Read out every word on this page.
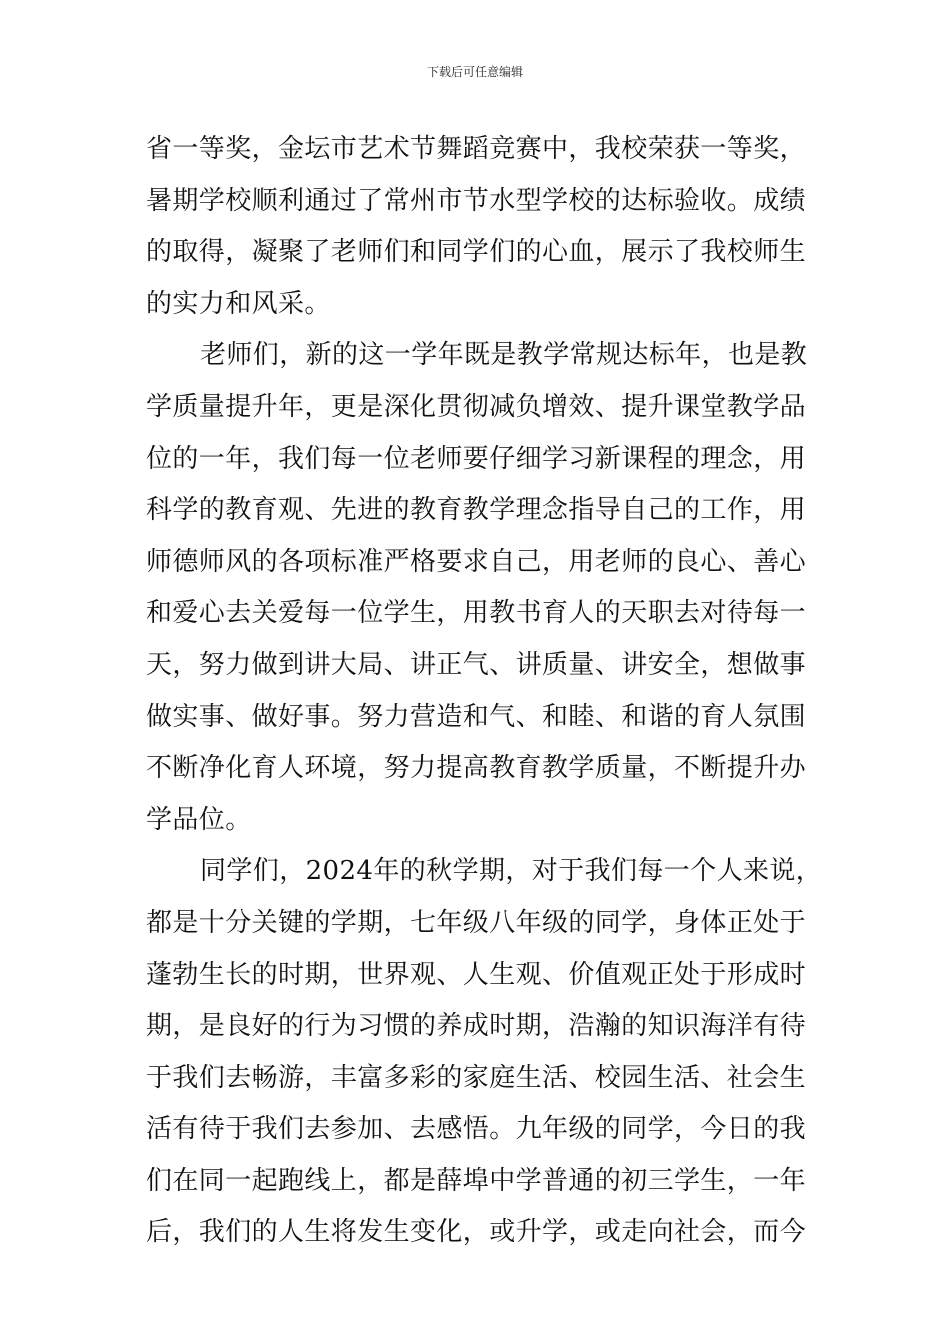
下载后可任意编辑
省一等奖，金坛市艺术节舞蹈竞赛中，我校荣获一等奖，
暑期学校顺利通过了常州市节水型学校的达标验收。成绩
的取得，凝聚了老师们和同学们的心血，展示了我校师生
的实力和风采。
老师们，新的这一学年既是教学常规达标年，也是教
学质量提升年，更是深化贯彻减负增效、提升课堂教学品
位的一年，我们每一位老师要仔细学习新课程的理念，用
科学的教育观、先进的教育教学理念指导自己的工作，用
师德师风的各项标准严格要求自己，用老师的良心、善心
和爱心去关爱每一位学生，用教书育人的天职去对待每一
天，努力做到讲大局、讲正气、讲质量、讲安全，想做事
做实事、做好事。努力营造和气、和睦、和谐的育人氛围
不断净化育人环境，努力提高教育教学质量，不断提升办
学品位。
同学们，2024年的秋学期，对于我们每一个人来说，
都是十分关键的学期，七年级八年级的同学，身体正处于
蓬勃生长的时期，世界观、人生观、价值观正处于形成时
期，是良好的行为习惯的养成时期，浩瀚的知识海洋有待
于我们去畅游，丰富多彩的家庭生活、校园生活、社会生
活有待于我们去参加、去感悟。九年级的同学，今日的我
们在同一起跑线上，都是薛埠中学普通的初三学生，一年
后，我们的人生将发生变化，或升学，或走向社会，而今
